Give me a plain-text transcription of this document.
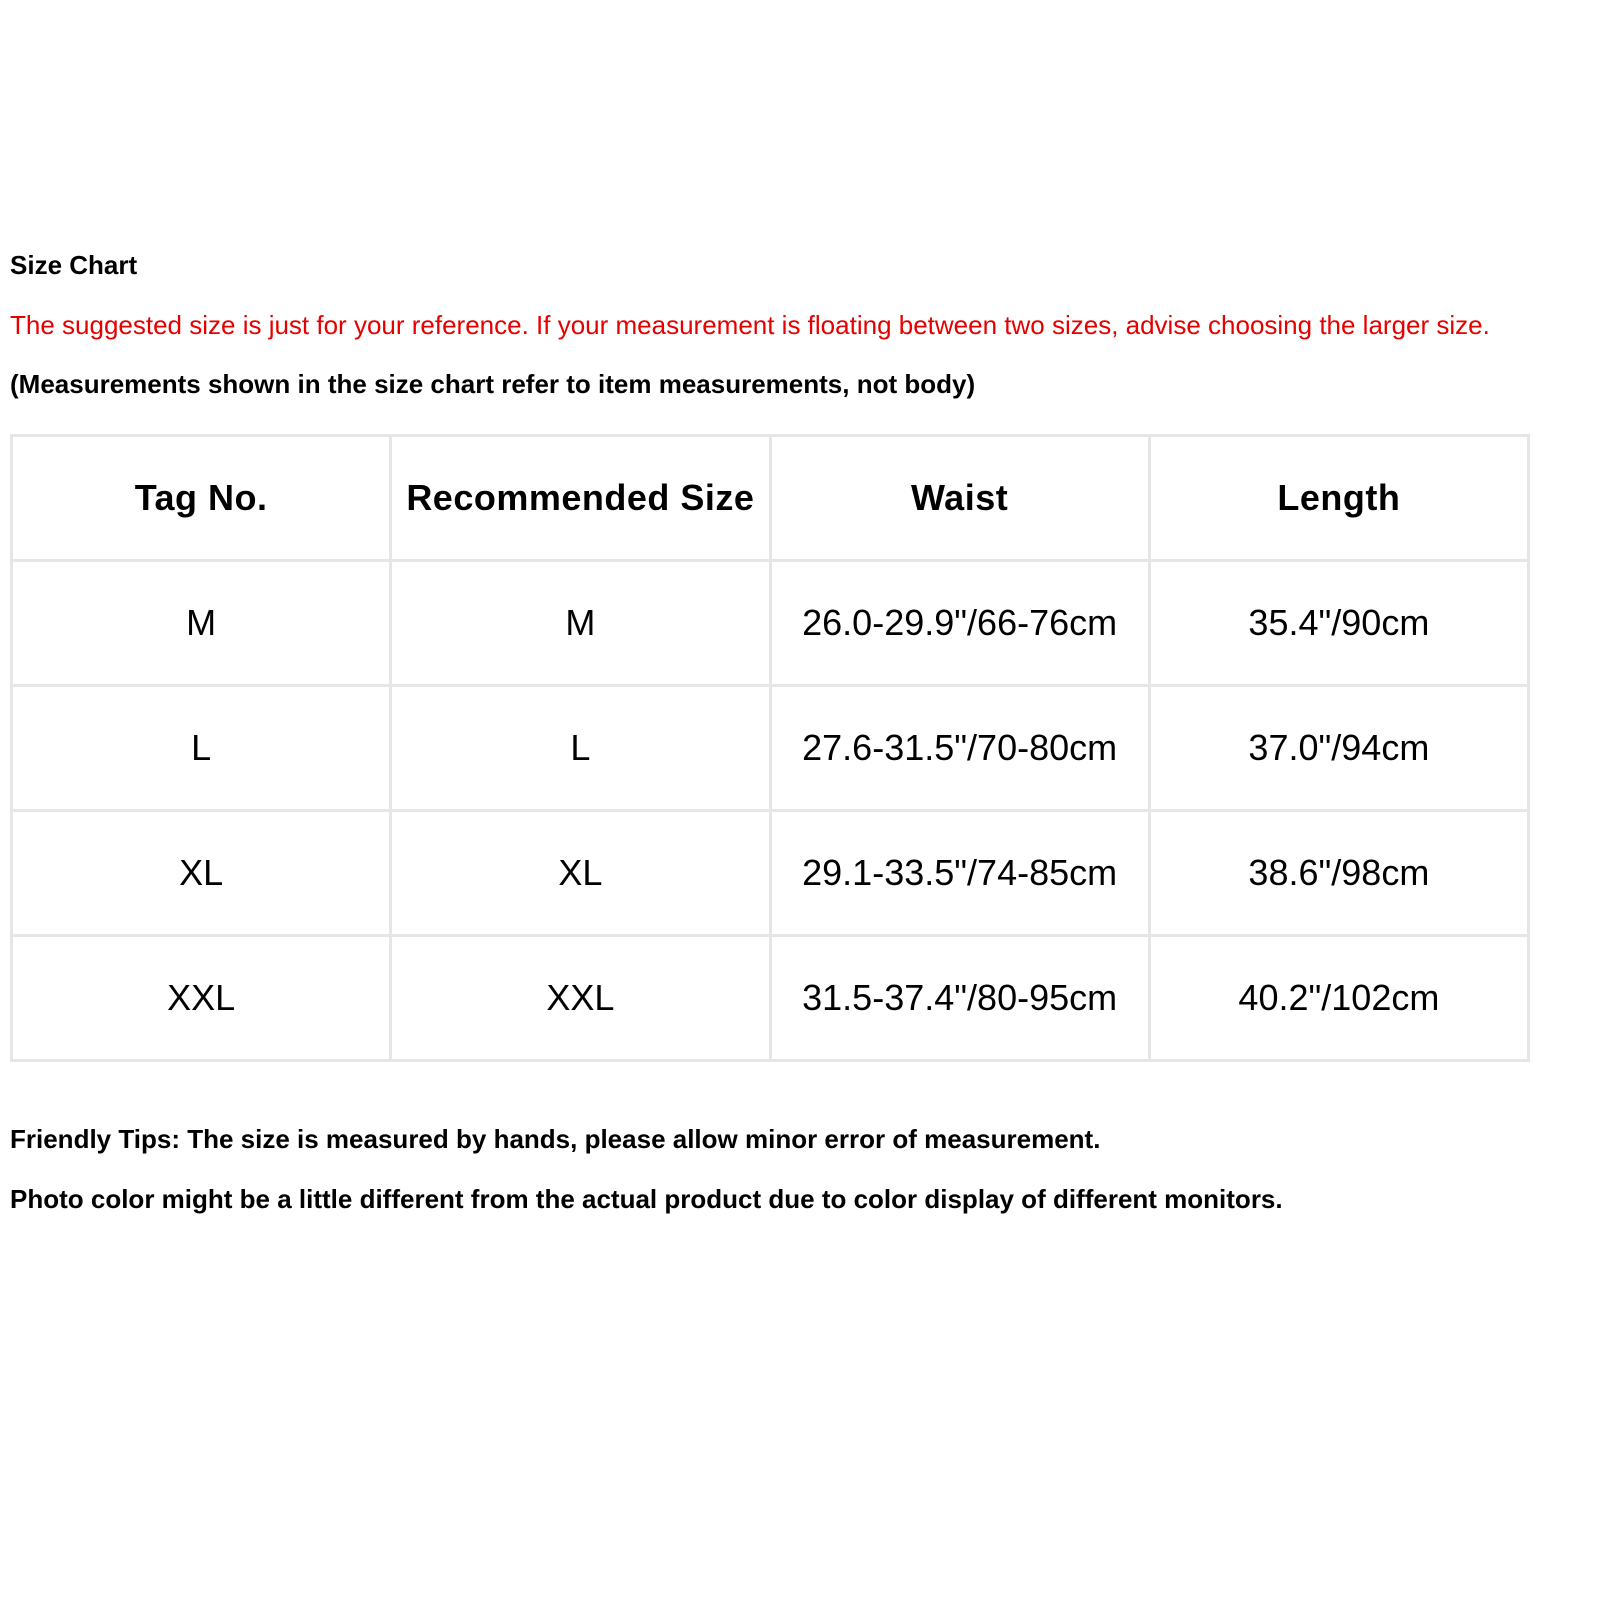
Size Chart
The suggested size is just for your reference. If your measurement is floating between two sizes, advise choosing the larger size.
(Measurements shown in the size chart refer to item measurements, not body)
Tag No.	Recommended Size	Waist	Length
M	M	26.0-29.9"/66-76cm	35.4"/90cm
L	L	27.6-31.5"/70-80cm	37.0"/94cm
XL	XL	29.1-33.5"/74-85cm	38.6"/98cm
XXL	XXL	31.5-37.4"/80-95cm	40.2"/102cm
Friendly Tips: The size is measured by hands, please allow minor error of measurement.
Photo color might be a little different from the actual product due to color display of different monitors.
